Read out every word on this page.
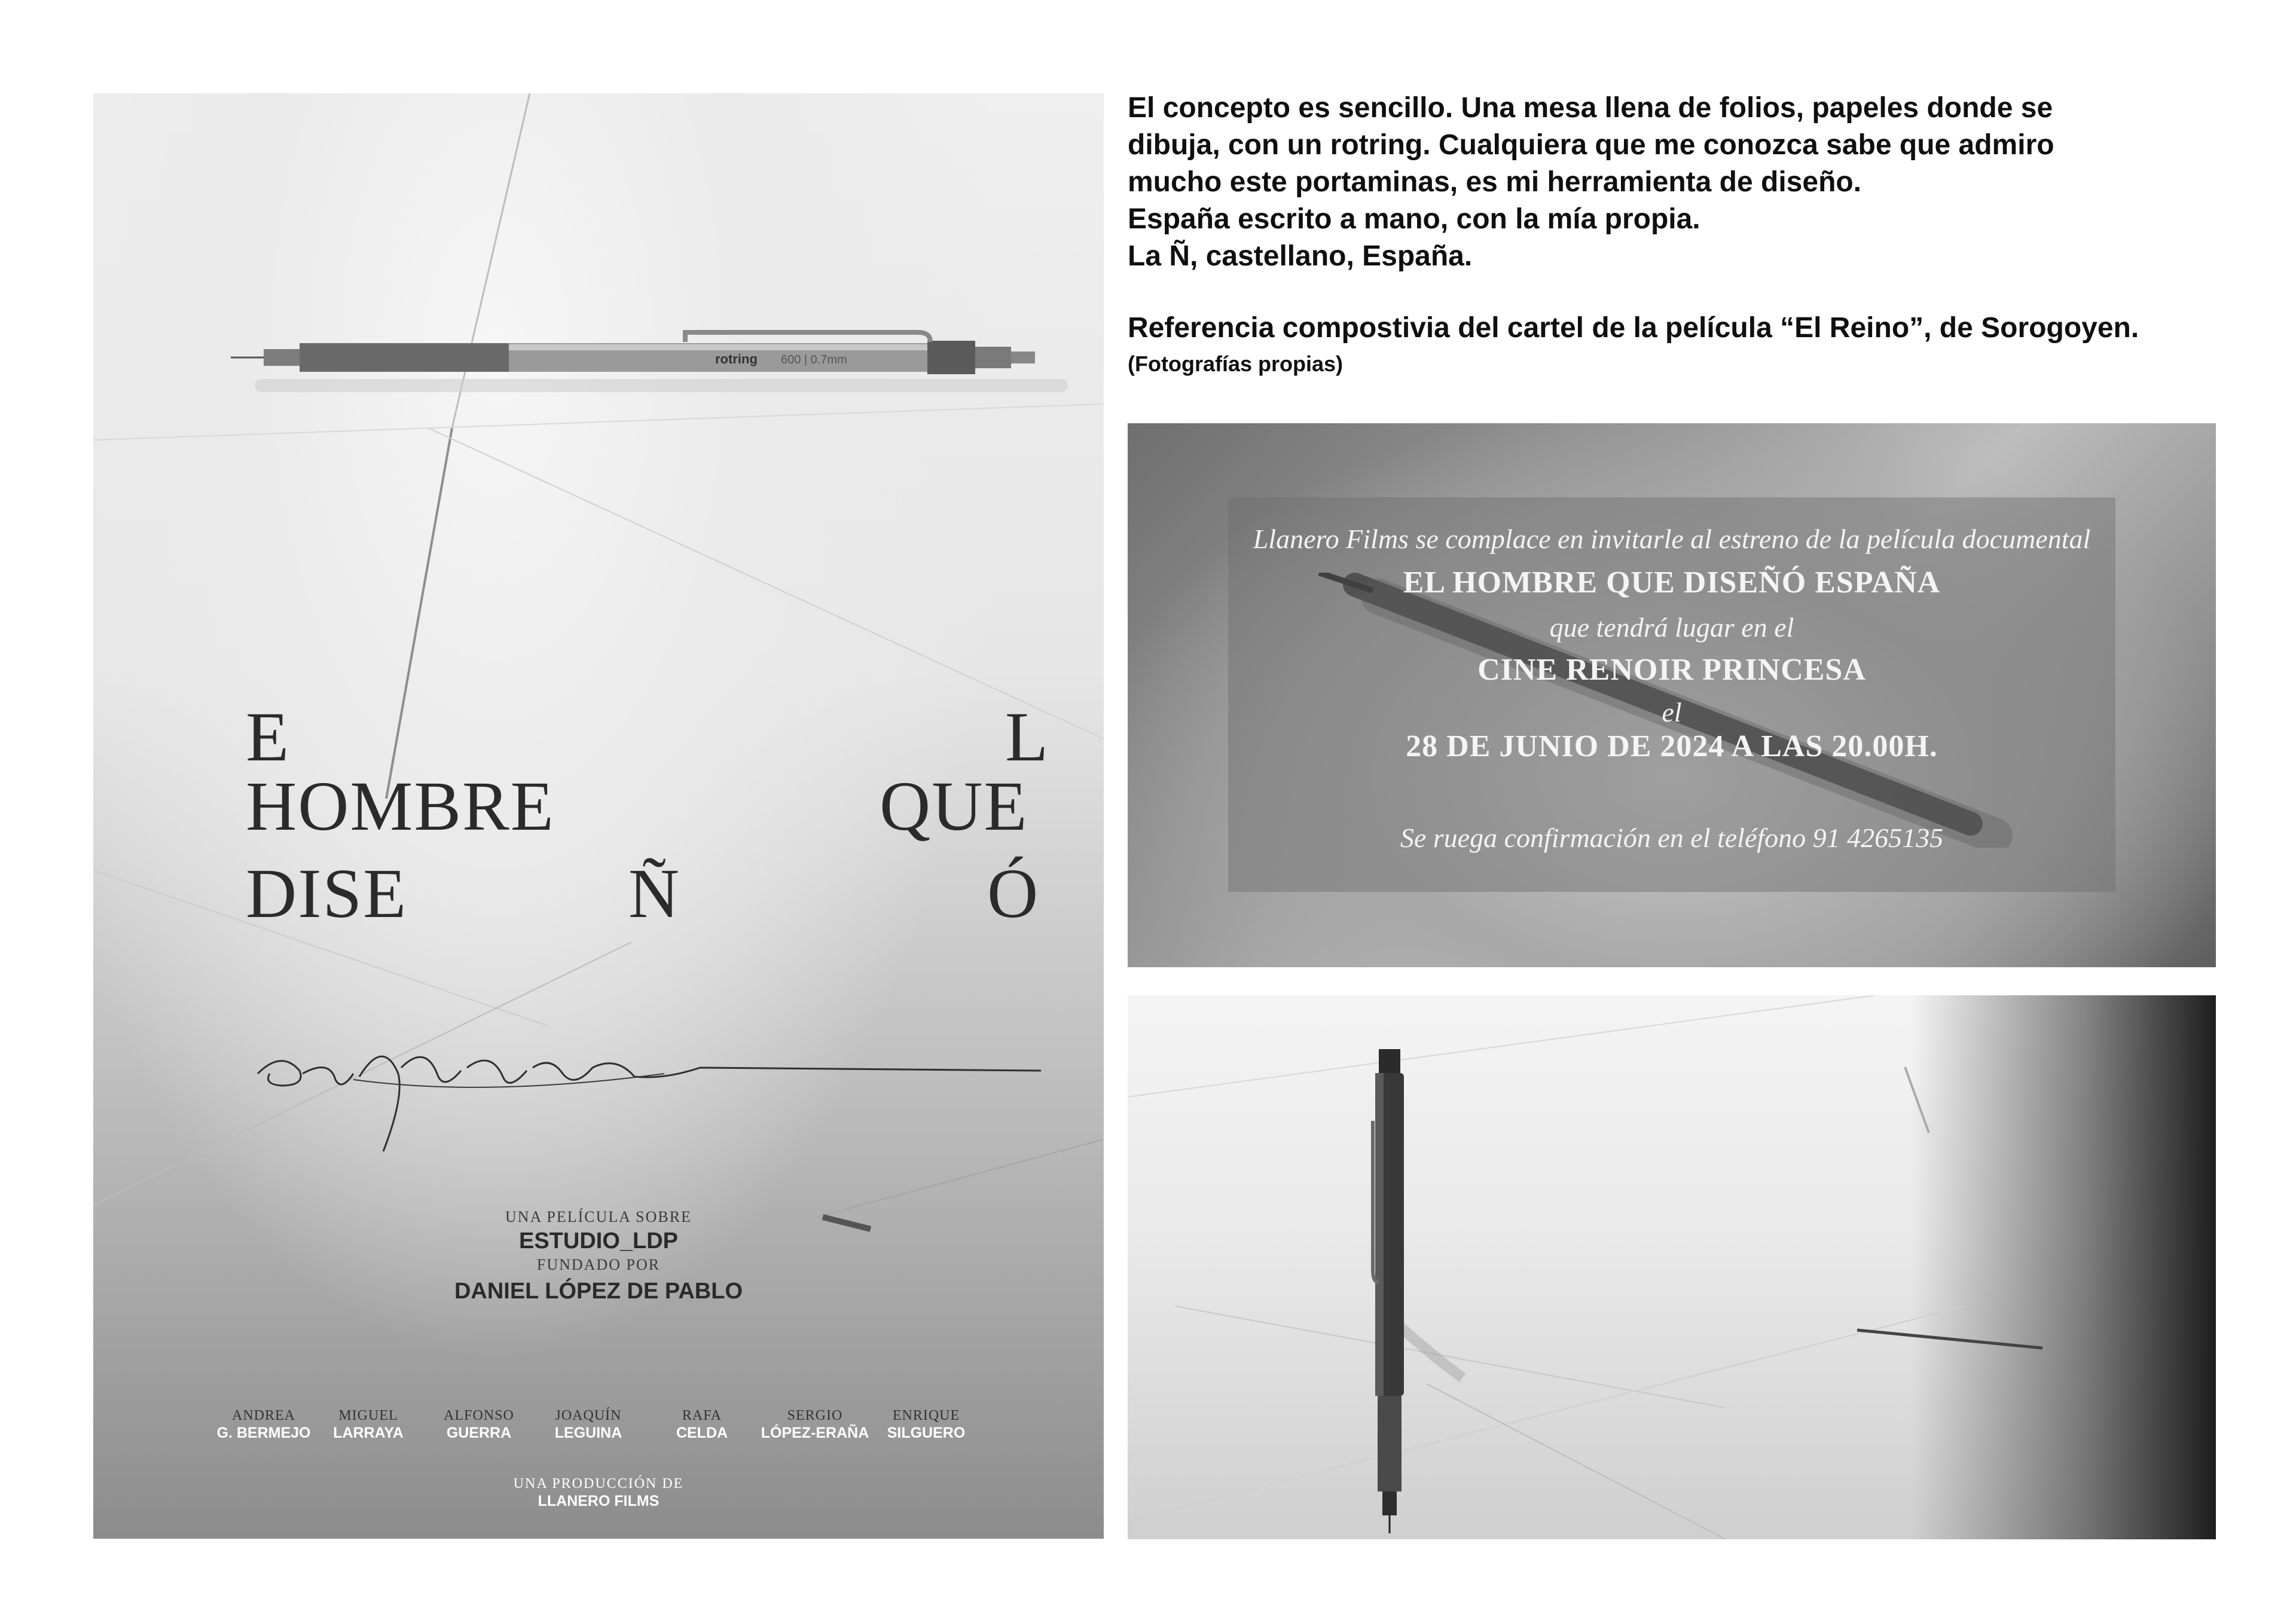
rotring 600 | 0.7mm
E	L
HOMBRE	QUE
DISE	Ñ	Ó
UNA PELÍCULA SOBRE
ESTUDIO_LDP
FUNDADO POR
DANIEL LÓPEZ DE PABLO
ANDREA
G. BERMEJO
MIGUEL
LARRAYA
ALFONSO
GUERRA
JOAQUÍN
LEGUINA
RAFA
CELDA
SERGIO
LÓPEZ-ERAÑA
ENRIQUE
SILGUERO
UNA PRODUCCIÓN DE
LLANERO FILMS

El concepto es sencillo. Una mesa llena de folios, papeles donde se

dibuja, con un rotring. Cualquiera que me conozca sabe que admiro

mucho este portaminas, es mi herramienta de diseño.

España escrito a mano, con la mía propia.

La Ñ, castellano, España.

Referencia compostivia del cartel de la película “El Reino”, de Sorogoyen.

(Fotografías propias)

Llanero Films se complace en invitarle al estreno de la película documental
EL HOMBRE QUE DISEÑÓ ESPAÑA
que tendrá lugar en el
CINE RENOIR PRINCESA
el
28 DE JUNIO DE 2024 A LAS 20.00H.
Se ruega confirmación en el teléfono 91 4265135
